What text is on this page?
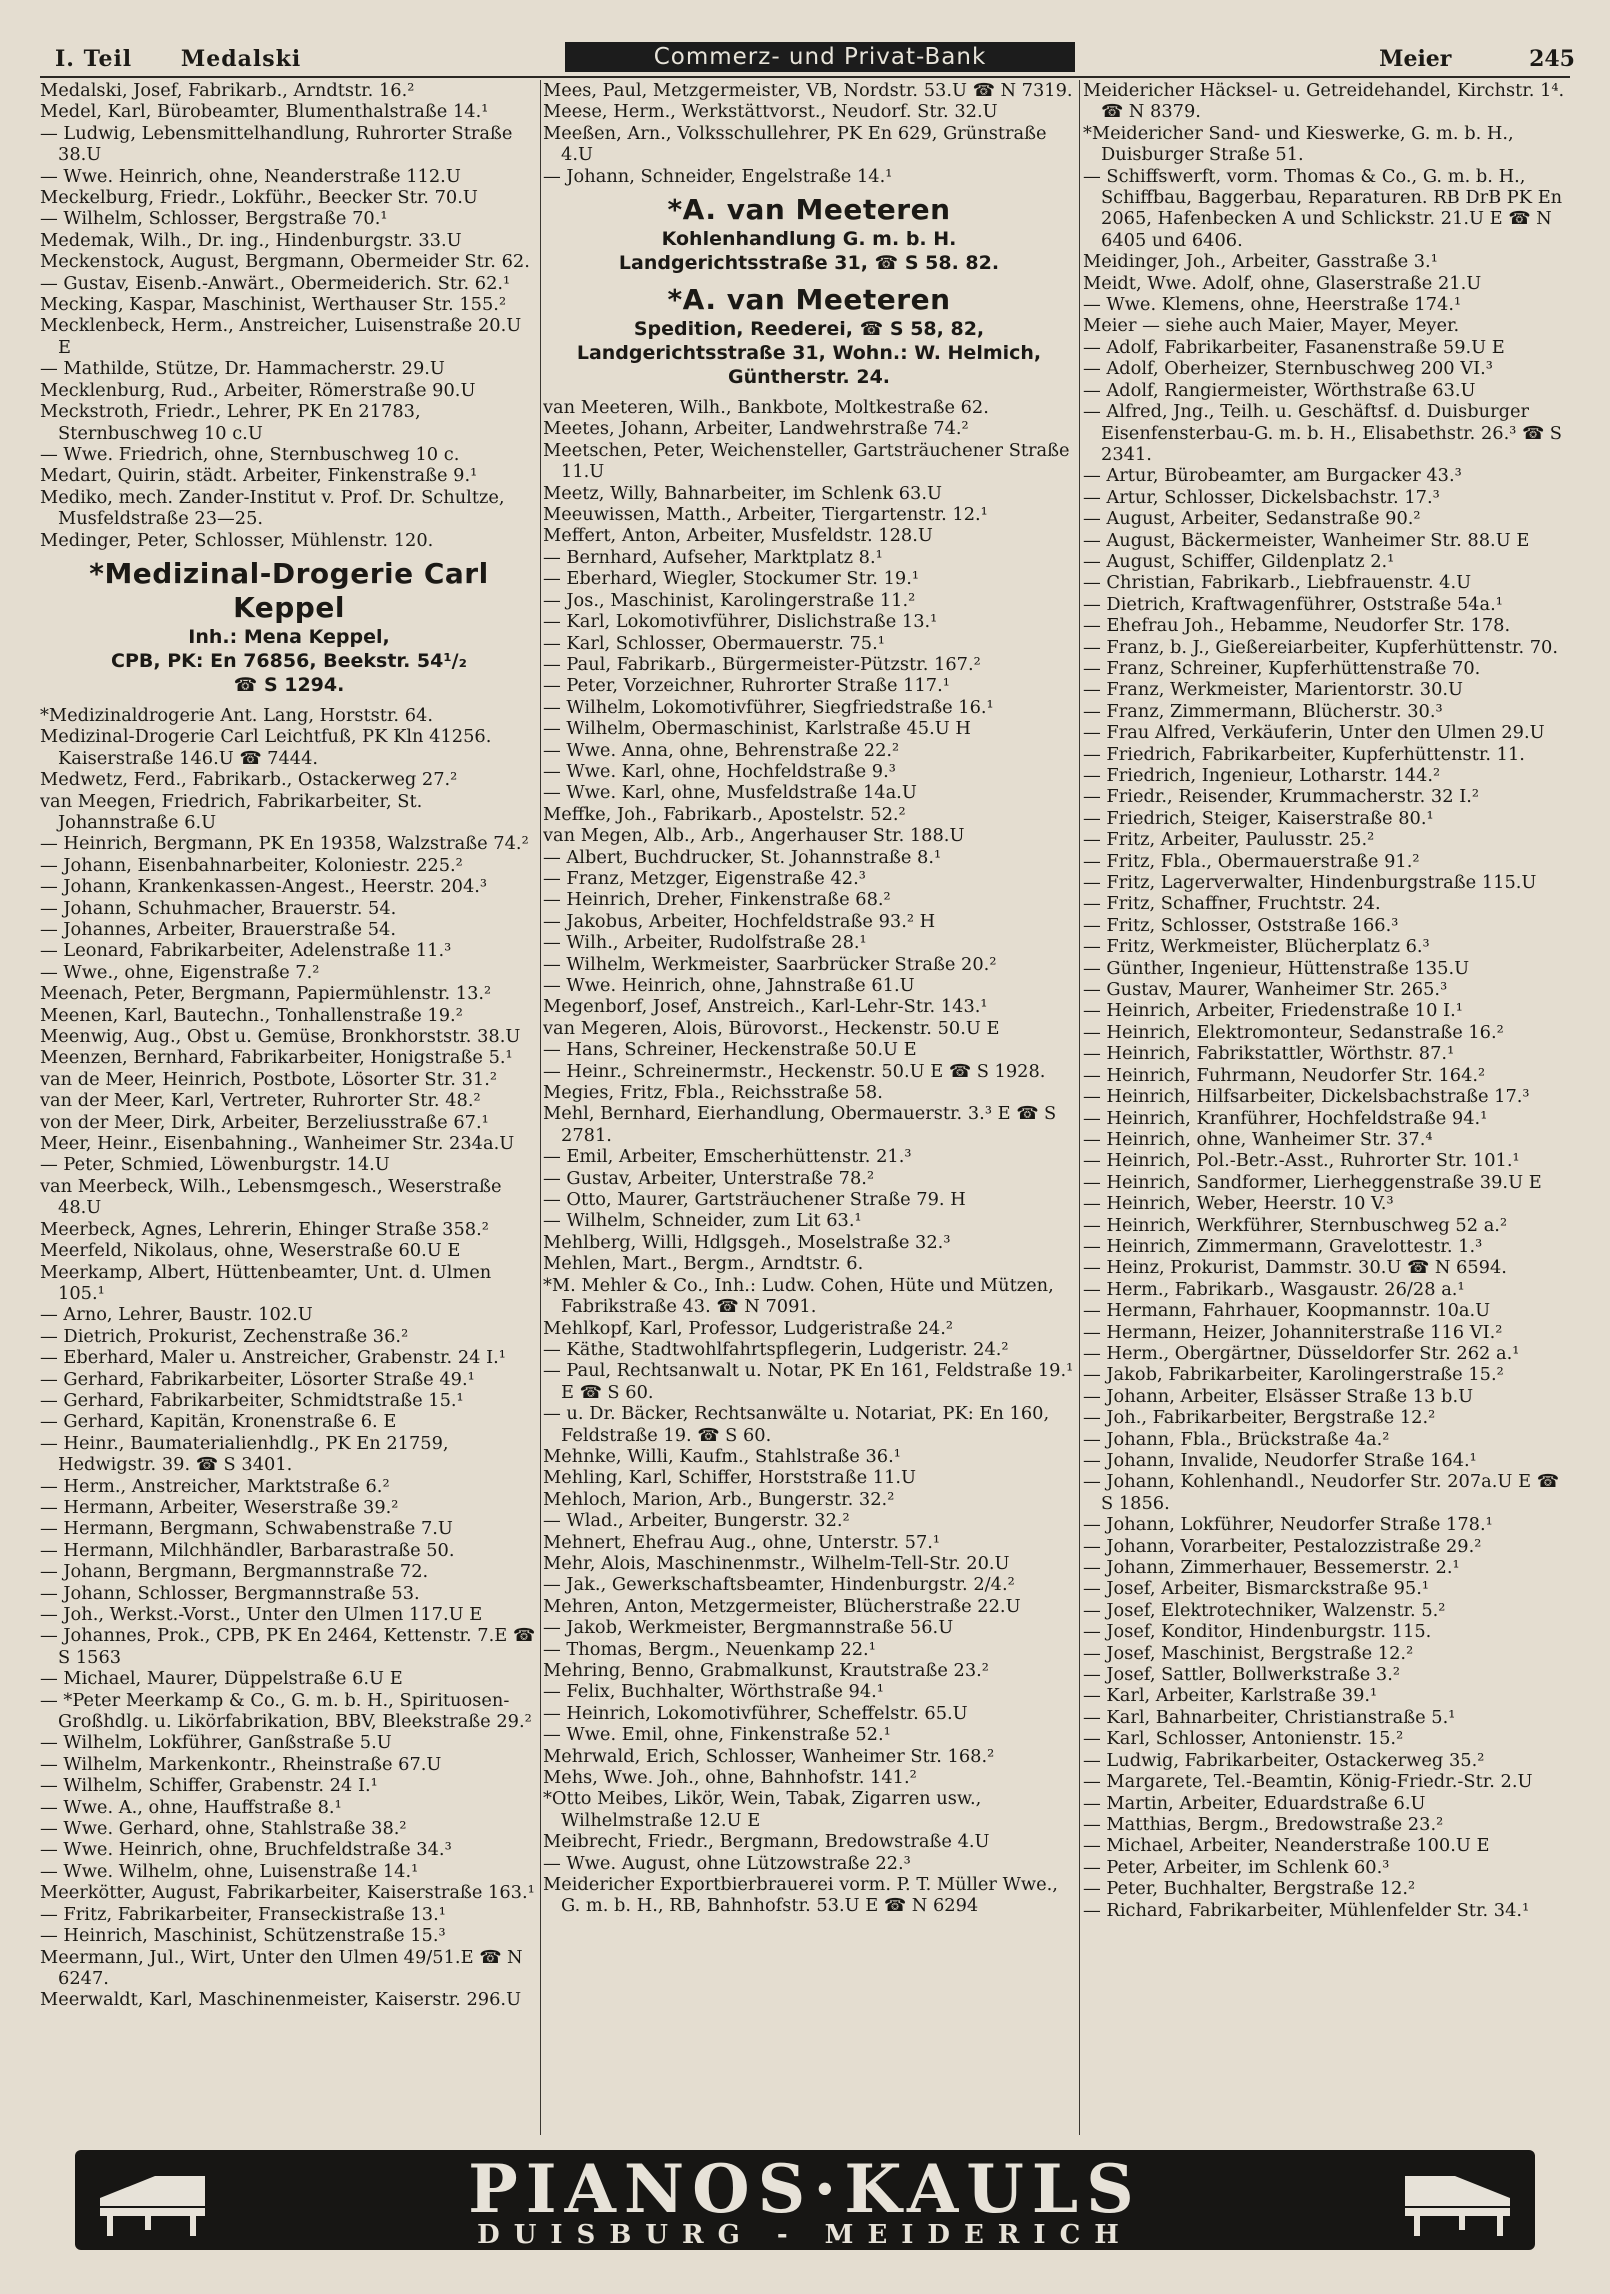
I. Teil Medalski	Commerz- und Privat-Bank	Meier	245
Medalski, Josef, Fabrikarb., Arndtstr. 16.²
Medel, Karl, Bürobeamter, Blumenthalstraße 14.¹
— Ludwig, Lebensmittelhandlung, Ruhrorter Straße 38.U
— Wwe. Heinrich, ohne, Neanderstraße 112.U
Meckelburg, Friedr., Lokführ., Beecker Str. 70.U
— Wilhelm, Schlosser, Bergstraße 70.¹
Medemak, Wilh., Dr. ing., Hindenburgstr. 33.U
Meckenstock, August, Bergmann, Obermeider Str. 62.
— Gustav, Eisenb.-Anwärt., Obermeiderich. Str. 62.¹
Mecking, Kaspar, Maschinist, Werthauser Str. 155.²
Mecklenbeck, Herm., Anstreicher, Luisenstraße 20.U E
— Mathilde, Stütze, Dr. Hammacherstr. 29.U
Mecklenburg, Rud., Arbeiter, Römerstraße 90.U
Meckstroth, Friedr., Lehrer, PK En 21783, Sternbuschweg 10 c.U
— Wwe. Friedrich, ohne, Sternbuschweg 10 c.
Medart, Quirin, städt. Arbeiter, Finkenstraße 9.¹
Mediko, mech. Zander-Institut v. Prof. Dr. Schultze, Musfeldstraße 23—25.
Medinger, Peter, Schlosser, Mühlenstr. 120.
*Medizinal-Drogerie Carl Keppel
Inh.: Mena Keppel,
CPB, PK: En 76856, Beekstr. 54¹/₂
☎ S 1294.
*Medizinaldrogerie Ant. Lang, Horststr. 64.
Medizinal-Drogerie Carl Leichtfuß, PK Kln 41256. Kaiserstraße 146.U ☎ 7444.
Medwetz, Ferd., Fabrikarb., Ostackerweg 27.²
van Meegen, Friedrich, Fabrikarbeiter, St. Johannstraße 6.U
— Heinrich, Bergmann, PK En 19358, Walzstraße 74.²
— Johann, Eisenbahnarbeiter, Koloniestr. 225.²
— Johann, Krankenkassen-Angest., Heerstr. 204.³
— Johann, Schuhmacher, Brauerstr. 54.
— Johannes, Arbeiter, Brauerstraße 54.
— Leonard, Fabrikarbeiter, Adelenstraße 11.³
— Wwe., ohne, Eigenstraße 7.²
Meenach, Peter, Bergmann, Papiermühlenstr. 13.²
Meenen, Karl, Bautechn., Tonhallenstraße 19.²
Meenwig, Aug., Obst u. Gemüse, Bronkhorststr. 38.U
Meenzen, Bernhard, Fabrikarbeiter, Honigstraße 5.¹
van de Meer, Heinrich, Postbote, Lösorter Str. 31.²
van der Meer, Karl, Vertreter, Ruhrorter Str. 48.²
von der Meer, Dirk, Arbeiter, Berzeliusstraße 67.¹
Meer, Heinr., Eisenbahning., Wanheimer Str. 234a.U
— Peter, Schmied, Löwenburgstr. 14.U
van Meerbeck, Wilh., Lebensmgesch., Weserstraße 48.U
Meerbeck, Agnes, Lehrerin, Ehinger Straße 358.²
Meerfeld, Nikolaus, ohne, Weserstraße 60.U E
Meerkamp, Albert, Hüttenbeamter, Unt. d. Ulmen 105.¹
— Arno, Lehrer, Baustr. 102.U
— Dietrich, Prokurist, Zechenstraße 36.²
— Eberhard, Maler u. Anstreicher, Grabenstr. 24 I.¹
— Gerhard, Fabrikarbeiter, Lösorter Straße 49.¹
— Gerhard, Fabrikarbeiter, Schmidtstraße 15.¹
— Gerhard, Kapitän, Kronenstraße 6. E
— Heinr., Baumaterialienhdlg., PK En 21759, Hedwigstr. 39. ☎ S 3401.
— Herm., Anstreicher, Marktstraße 6.²
— Hermann, Arbeiter, Weserstraße 39.²
— Hermann, Bergmann, Schwabenstraße 7.U
— Hermann, Milchhändler, Barbarastraße 50.
— Johann, Bergmann, Bergmannstraße 72.
— Johann, Schlosser, Bergmannstraße 53.
— Joh., Werkst.-Vorst., Unter den Ulmen 117.U E
— Johannes, Prok., CPB, PK En 2464, Kettenstr. 7.E ☎ S 1563
— Michael, Maurer, Düppelstraße 6.U E
— *Peter Meerkamp & Co., G. m. b. H., Spirituosen-Großhdlg. u. Likörfabrikation, BBV, Bleekstraße 29.²
— Wilhelm, Lokführer, Ganßstraße 5.U
— Wilhelm, Markenkontr., Rheinstraße 67.U
— Wilhelm, Schiffer, Grabenstr. 24 I.¹
— Wwe. A., ohne, Hauffstraße 8.¹
— Wwe. Gerhard, ohne, Stahlstraße 38.²
— Wwe. Heinrich, ohne, Bruchfeldstraße 34.³
— Wwe. Wilhelm, ohne, Luisenstraße 14.¹
Meerkötter, August, Fabrikarbeiter, Kaiserstraße 163.¹
— Fritz, Fabrikarbeiter, Franseckistraße 13.¹
— Heinrich, Maschinist, Schützenstraße 15.³
Meermann, Jul., Wirt, Unter den Ulmen 49/51.E ☎ N 6247.
Meerwaldt, Karl, Maschinenmeister, Kaiserstr. 296.U
Mees, Paul, Metzgermeister, VB, Nordstr. 53.U ☎ N 7319.
Meese, Herm., Werkstättvorst., Neudorf. Str. 32.U
Meeßen, Arn., Volksschullehrer, PK En 629, Grünstraße 4.U
— Johann, Schneider, Engelstraße 14.¹
*A. van Meeteren
Kohlenhandlung G. m. b. H.
Landgerichtsstraße 31, ☎ S 58. 82.
*A. van Meeteren
Spedition, Reederei, ☎ S 58, 82, Landgerichtsstraße 31, Wohn.: W. Helmich, Güntherstr. 24.
van Meeteren, Wilh., Bankbote, Moltkestraße 62.
Meetes, Johann, Arbeiter, Landwehrstraße 74.²
Meetschen, Peter, Weichensteller, Gartsträuchener Straße 11.U
Meetz, Willy, Bahnarbeiter, im Schlenk 63.U
Meeuwissen, Matth., Arbeiter, Tiergartenstr. 12.¹
Meffert, Anton, Arbeiter, Musfeldstr. 128.U
— Bernhard, Aufseher, Marktplatz 8.¹
— Eberhard, Wiegler, Stockumer Str. 19.¹
— Jos., Maschinist, Karolingerstraße 11.²
— Karl, Lokomotivführer, Dislichstraße 13.¹
— Karl, Schlosser, Obermauerstr. 75.¹
— Paul, Fabrikarb., Bürgermeister-Pützstr. 167.²
— Peter, Vorzeichner, Ruhrorter Straße 117.¹
— Wilhelm, Lokomotivführer, Siegfriedstraße 16.¹
— Wilhelm, Obermaschinist, Karlstraße 45.U H
— Wwe. Anna, ohne, Behrenstraße 22.²
— Wwe. Karl, ohne, Hochfeldstraße 9.³
— Wwe. Karl, ohne, Musfeldstraße 14a.U
Meffke, Joh., Fabrikarb., Apostelstr. 52.²
van Megen, Alb., Arb., Angerhauser Str. 188.U
— Albert, Buchdrucker, St. Johannstraße 8.¹
— Franz, Metzger, Eigenstraße 42.³
— Heinrich, Dreher, Finkenstraße 68.²
— Jakobus, Arbeiter, Hochfeldstraße 93.² H
— Wilh., Arbeiter, Rudolfstraße 28.¹
— Wilhelm, Werkmeister, Saarbrücker Straße 20.²
— Wwe. Heinrich, ohne, Jahnstraße 61.U
Megenborf, Josef, Anstreich., Karl-Lehr-Str. 143.¹
van Megeren, Alois, Bürovorst., Heckenstr. 50.U E
— Hans, Schreiner, Heckenstraße 50.U E
— Heinr., Schreinermstr., Heckenstr. 50.U E ☎ S 1928.
Megies, Fritz, Fbla., Reichsstraße 58.
Mehl, Bernhard, Eierhandlung, Obermauerstr. 3.³ E ☎ S 2781.
— Emil, Arbeiter, Emscherhüttenstr. 21.³
— Gustav, Arbeiter, Unterstraße 78.²
— Otto, Maurer, Gartsträuchener Straße 79. H
— Wilhelm, Schneider, zum Lit 63.¹
Mehlberg, Willi, Hdlgsgeh., Moselstraße 32.³
Mehlen, Mart., Bergm., Arndtstr. 6.
*M. Mehler & Co., Inh.: Ludw. Cohen, Hüte und Mützen, Fabrikstraße 43. ☎ N 7091.
Mehlkopf, Karl, Professor, Ludgeristraße 24.²
— Käthe, Stadtwohlfahrtspflegerin, Ludgeristr. 24.²
— Paul, Rechtsanwalt u. Notar, PK En 161, Feldstraße 19.¹ E ☎ S 60.
— u. Dr. Bäcker, Rechtsanwälte u. Notariat, PK: En 160, Feldstraße 19. ☎ S 60.
Mehnke, Willi, Kaufm., Stahlstraße 36.¹
Mehling, Karl, Schiffer, Horststraße 11.U
Mehloch, Marion, Arb., Bungerstr. 32.²
— Wlad., Arbeiter, Bungerstr. 32.²
Mehnert, Ehefrau Aug., ohne, Unterstr. 57.¹
Mehr, Alois, Maschinenmstr., Wilhelm-Tell-Str. 20.U
— Jak., Gewerkschaftsbeamter, Hindenburgstr. 2/4.²
Mehren, Anton, Metzgermeister, Blücherstraße 22.U
— Jakob, Werkmeister, Bergmannstraße 56.U
— Thomas, Bergm., Neuenkamp 22.¹
Mehring, Benno, Grabmalkunst, Krautstraße 23.²
— Felix, Buchhalter, Wörthstraße 94.¹
— Heinrich, Lokomotivführer, Scheffelstr. 65.U
— Wwe. Emil, ohne, Finkenstraße 52.¹
Mehrwald, Erich, Schlosser, Wanheimer Str. 168.²
Mehs, Wwe. Joh., ohne, Bahnhofstr. 141.²
*Otto Meibes, Likör, Wein, Tabak, Zigarren usw., Wilhelmstraße 12.U E
Meibrecht, Friedr., Bergmann, Bredowstraße 4.U
— Wwe. August, ohne Lützowstraße 22.³
Meidericher Exportbierbrauerei vorm. P. T. Müller Wwe., G. m. b. H., RB, Bahnhofstr. 53.U E ☎ N 6294
Meidericher Häcksel- u. Getreidehandel, Kirchstr. 1⁴. ☎ N 8379.
*Meidericher Sand- und Kieswerke, G. m. b. H., Duisburger Straße 51.
— Schiffswerft, vorm. Thomas & Co., G. m. b. H., Schiffbau, Baggerbau, Reparaturen. RB DrB PK En 2065, Hafenbecken A und Schlickstr. 21.U E ☎ N 6405 und 6406.
Meidinger, Joh., Arbeiter, Gasstraße 3.¹
Meidt, Wwe. Adolf, ohne, Glaserstraße 21.U
— Wwe. Klemens, ohne, Heerstraße 174.¹
Meier — siehe auch Maier, Mayer, Meyer.
— Adolf, Fabrikarbeiter, Fasanenstraße 59.U E
— Adolf, Oberheizer, Sternbuschweg 200 VI.³
— Adolf, Rangiermeister, Wörthstraße 63.U
— Alfred, Jng., Teilh. u. Geschäftsf. d. Duisburger Eisenfensterbau-G. m. b. H., Elisabethstr. 26.³ ☎ S 2341.
— Artur, Bürobeamter, am Burgacker 43.³
— Artur, Schlosser, Dickelsbachstr. 17.³
— August, Arbeiter, Sedanstraße 90.²
— August, Bäckermeister, Wanheimer Str. 88.U E
— August, Schiffer, Gildenplatz 2.¹
— Christian, Fabrikarb., Liebfrauenstr. 4.U
— Dietrich, Kraftwagenführer, Oststraße 54a.¹
— Ehefrau Joh., Hebamme, Neudorfer Str. 178.
— Franz, b. J., Gießereiarbeiter, Kupferhüttenstr. 70.
— Franz, Schreiner, Kupferhüttenstraße 70.
— Franz, Werkmeister, Marientorstr. 30.U
— Franz, Zimmermann, Blücherstr. 30.³
— Frau Alfred, Verkäuferin, Unter den Ulmen 29.U
— Friedrich, Fabrikarbeiter, Kupferhüttenstr. 11.
— Friedrich, Ingenieur, Lotharstr. 144.²
— Friedr., Reisender, Krummacherstr. 32 I.²
— Friedrich, Steiger, Kaiserstraße 80.¹
— Fritz, Arbeiter, Paulusstr. 25.²
— Fritz, Fbla., Obermauerstraße 91.²
— Fritz, Lagerverwalter, Hindenburgstraße 115.U
— Fritz, Schaffner, Fruchtstr. 24.
— Fritz, Schlosser, Oststraße 166.³
— Fritz, Werkmeister, Blücherplatz 6.³
— Günther, Ingenieur, Hüttenstraße 135.U
— Gustav, Maurer, Wanheimer Str. 265.³
— Heinrich, Arbeiter, Friedenstraße 10 I.¹
— Heinrich, Elektromonteur, Sedanstraße 16.²
— Heinrich, Fabrikstattler, Wörthstr. 87.¹
— Heinrich, Fuhrmann, Neudorfer Str. 164.²
— Heinrich, Hilfsarbeiter, Dickelsbachstraße 17.³
— Heinrich, Kranführer, Hochfeldstraße 94.¹
— Heinrich, ohne, Wanheimer Str. 37.⁴
— Heinrich, Pol.-Betr.-Asst., Ruhrorter Str. 101.¹
— Heinrich, Sandformer, Lierheggenstraße 39.U E
— Heinrich, Weber, Heerstr. 10 V.³
— Heinrich, Werkführer, Sternbuschweg 52 a.²
— Heinrich, Zimmermann, Gravelottestr. 1.³
— Heinz, Prokurist, Dammstr. 30.U ☎ N 6594.
— Herm., Fabrikarb., Wasgaustr. 26/28 a.¹
— Hermann, Fahrhauer, Koopmannstr. 10a.U
— Hermann, Heizer, Johanniterstraße 116 VI.²
— Herm., Obergärtner, Düsseldorfer Str. 262 a.¹
— Jakob, Fabrikarbeiter, Karolingerstraße 15.²
— Johann, Arbeiter, Elsässer Straße 13 b.U
— Joh., Fabrikarbeiter, Bergstraße 12.²
— Johann, Fbla., Brückstraße 4a.²
— Johann, Invalide, Neudorfer Straße 164.¹
— Johann, Kohlenhandl., Neudorfer Str. 207a.U E ☎ S 1856.
— Johann, Lokführer, Neudorfer Straße 178.¹
— Johann, Vorarbeiter, Pestalozzistraße 29.²
— Johann, Zimmerhauer, Bessemerstr. 2.¹
— Josef, Arbeiter, Bismarckstraße 95.¹
— Josef, Elektrotechniker, Walzenstr. 5.²
— Josef, Konditor, Hindenburgstr. 115.
— Josef, Maschinist, Bergstraße 12.²
— Josef, Sattler, Bollwerkstraße 3.²
— Karl, Arbeiter, Karlstraße 39.¹
— Karl, Bahnarbeiter, Christianstraße 5.¹
— Karl, Schlosser, Antonienstr. 15.²
— Ludwig, Fabrikarbeiter, Ostackerweg 35.²
— Margarete, Tel.-Beamtin, König-Friedr.-Str. 2.U
— Martin, Arbeiter, Eduardstraße 6.U
— Matthias, Bergm., Bredowstraße 23.²
— Michael, Arbeiter, Neanderstraße 100.U E
— Peter, Arbeiter, im Schlenk 60.³
— Peter, Buchhalter, Bergstraße 12.²
— Richard, Fabrikarbeiter, Mühlenfelder Str. 34.¹
PIANOS·KAULS
DUISBURG - MEIDERICH
